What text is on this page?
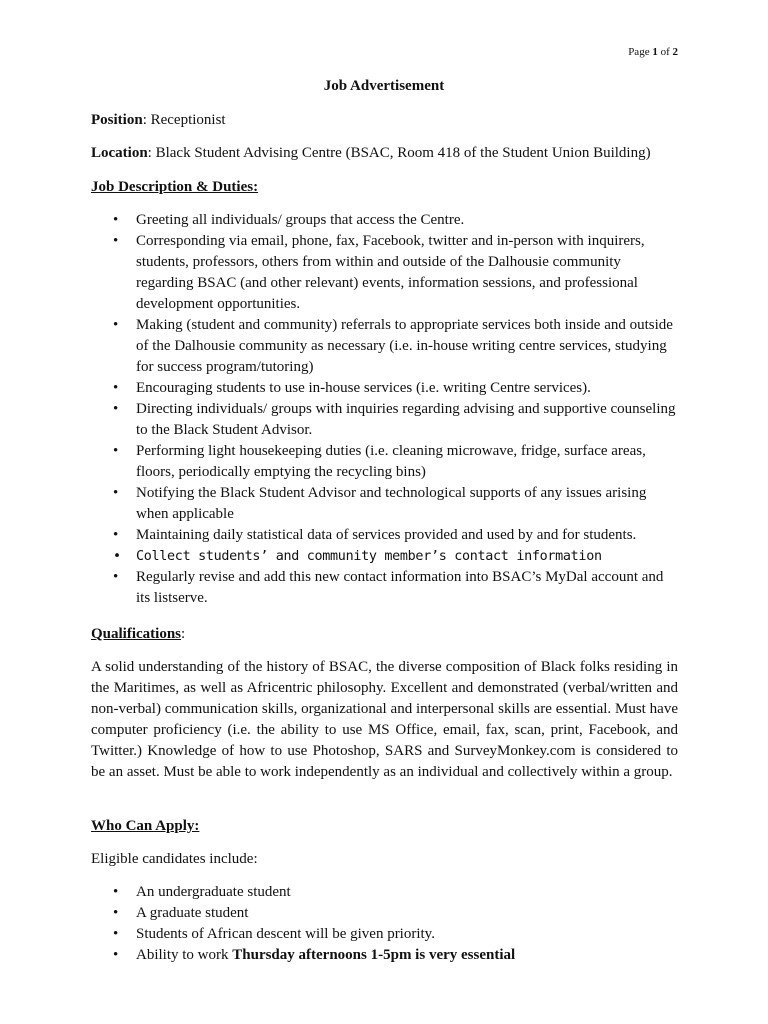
Page 1 of 2
Job Advertisement
Position: Receptionist
Location: Black Student Advising Centre (BSAC, Room 418 of the Student Union Building)
Job Description & Duties:
• Greeting all individuals/ groups that access the Centre.
• Corresponding via email, phone, fax, Facebook, twitter and in-person with inquirers, students, professors, others from within and outside of the Dalhousie community regarding BSAC (and other relevant) events, information sessions, and professional development opportunities.
• Making (student and community) referrals to appropriate services both inside and outside of the Dalhousie community as necessary (i.e. in-house writing centre services, studying for success program/tutoring)
• Encouraging students to use in-house services (i.e. writing Centre services).
• Directing individuals/ groups with inquiries regarding advising and supportive counseling to the Black Student Advisor.
• Performing light housekeeping duties (i.e. cleaning microwave, fridge, surface areas, floors, periodically emptying the recycling bins)
• Notifying the Black Student Advisor and technological supports of any issues arising when applicable
• Maintaining daily statistical data of services provided and used by and for students.
• Collect students’ and community member’s contact information
• Regularly revise and add this new contact information into BSAC’s MyDal account and its listserve.
Qualifications:
A solid understanding of the history of BSAC, the diverse composition of Black folks residing in the Maritimes, as well as Africentric philosophy. Excellent and demonstrated (verbal/written and non-verbal) communication skills, organizational and interpersonal skills are essential. Must have computer proficiency (i.e. the ability to use MS Office, email, fax, scan, print, Facebook, and Twitter.) Knowledge of how to use Photoshop, SARS and SurveyMonkey.com is considered to be an asset. Must be able to work independently as an individual and collectively within a group.
Who Can Apply:
Eligible candidates include:
• An undergraduate student
• A graduate student
• Students of African descent will be given priority.
• Ability to work Thursday afternoons 1-5pm is very essential
